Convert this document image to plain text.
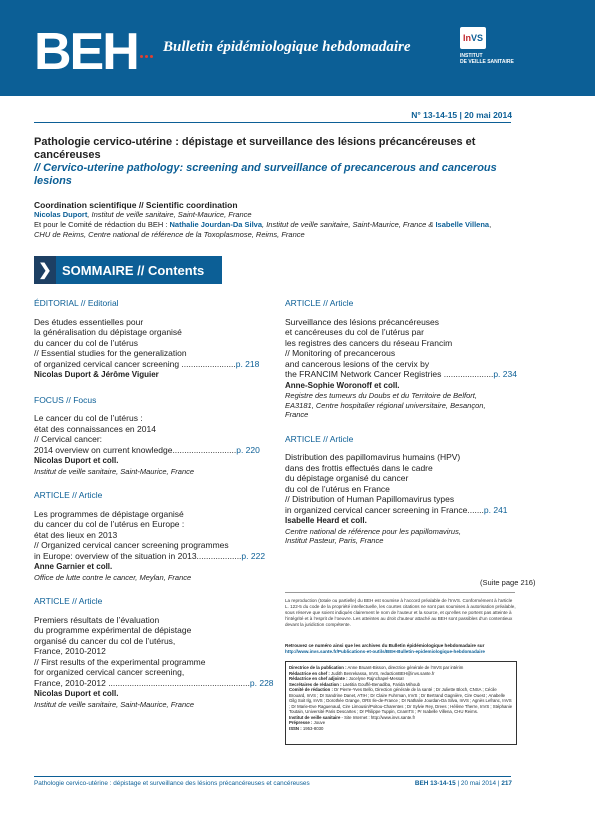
BEH Bulletin épidémiologique hebdomadaire
In VS
INSTITUT
DE VEILLE SANITAIRE
N° 13-14-15 | 20 mai 2014
Pathologie cervico-utérine : dépistage et surveillance des lésions précancéreuses et cancéreuses
// Cervico-uterine pathology: screening and surveillance of precancerous and cancerous lesions
Coordination scientifique // Scientific coordination
Nicolas Duport, Institut de veille sanitaire, Saint-Maurice, France
Et pour le Comité de rédaction du BEH : Nathalie Jourdan-Da Silva, Institut de veille sanitaire, Saint-Maurice, France & Isabelle Villena,
CHU de Reims, Centre national de référence de la Toxoplasmose, Reims, France
❯ SOMMAIRE // Contents
ÉDITORIAL // Editorial
Des études essentielles pour
la généralisation du dépistage organisé
du cancer du col de l’utérus
// Essential studies for the generalization
of organized cervical cancer screening .......................p. 218
Nicolas Duport & Jérôme Viguier
FOCUS // Focus
Le cancer du col de l’utérus :
état des connaissances en 2014
// Cervical cancer:
2014 overview on current knowledge...........................p. 220
Nicolas Duport et coll.
Institut de veille sanitaire, Saint-Maurice, France
ARTICLE // Article
Les programmes de dépistage organisé
du cancer du col de l’utérus en Europe :
état des lieux en 2013
// Organized cervical cancer screening programmes
in Europe: overview of the situation in 2013...................p. 222
Anne Garnier et coll.
Office de lutte contre le cancer, Meylan, France
ARTICLE // Article
Premiers résultats de l’évaluation
du programme expérimental de dépistage
organisé du cancer du col de l’utérus,
France, 2010-2012
// First results of the experimental programme
for organized cervical cancer screening,
France, 2010-2012 ............................................................p. 228
Nicolas Duport et coll.
Institut de veille sanitaire, Saint-Maurice, France
ARTICLE // Article
Surveillance des lésions précancéreuses
et cancéreuses du col de l’utérus par
les registres des cancers du réseau Francim
// Monitoring of precancerous
and cancerous lesions of the cervix by
the FRANCIM Network Cancer Registries .....................p. 234
Anne-Sophie Woronoff et coll.
Registre des tumeurs du Doubs et du Territoire de Belfort,
EA3181, Centre hospitalier régional universitaire, Besançon,
France
ARTICLE // Article
Distribution des papillomavirus humains (HPV)
dans des frottis effectués dans le cadre
du dépistage organisé du cancer
du col de l’utérus en France
// Distribution of Human Papillomavirus types
in organized cervical cancer screening in France.......p. 241
Isabelle Heard et coll.
Centre national de référence pour les papillomavirus,
Institut Pasteur, Paris, France
(Suite page 216)
La reproduction (totale ou partielle) du BEH est soumise à l’accord préalable de l’InVS. Conformément à l’article L. 122-5 du code de la propriété intellectuelle, les courtes citations ne sont pas soumises à autorisation préalable, sous réserve que soient indiqués clairement le nom de l’auteur et la source, et qu’elles ne portent pas atteinte à l’intégrité et à l’esprit de l’oeuvre. Les atteintes au droit d’auteur attaché au BEH sont passibles d’un contentieux devant la juridiction compétente.
Retrouvez ce numéro ainsi que les archives du Bulletin épidémiologique hebdomadaire sur http://www.invs.sante.fr/Publications-et-outils/BEH-Bulletin-epidemiologique-hebdomadaire
Directrice de la publication : Anne Bruant-Bisson, directrice générale de l’InVS par intérim
Rédactrice en chef : Judith Benrekassa, InVS, redactionBEH@invs.sante.fr
Rédactrice en chef adjointe : Jocelyne Rajnchapel-Messaï
Secrétaires de rédaction : Laetitia Gouffé-Benadiba, Farida Mihoub
Comité de rédaction : Dr Pierre-Yves Bello, Direction générale de la santé ; Dr Juliette Bloch, CNSA ; Cécile Brouard, InVS ; Dr Sandrine Danet, ATIH ; Dr Claire Fuhrman, InVS ; Dr Bertrand Gagnière, Cire Ouest ; Anabelle Gilg Soit Ilg, InVS ; Dorothée Grange, ORS Ile-de-France ; Dr Nathalie Jourdan-Da Silva, InVS ; Agnès Lefranc, InVS ; Dr Marie-Eve Raguenaud, Cire Limousin/Poitou-Charentes ; Dr Sylvie Rey, Drees ; Hélène Therre, InVS ; Stéphanie Toutain, Université Paris Descartes ; Dr Philippe Tuppin, CnamTS ; Pr Isabelle Villena, CHU Reims.
Institut de veille sanitaire - Site Internet : http://www.invs.sante.fr
Prépresse : Jouve
ISSN : 1953-8030
Pathologie cervico-utérine : dépistage et surveillance des lésions précancéreuses et cancéreuses	BEH 13-14-15 | 20 mai 2014 | 217
